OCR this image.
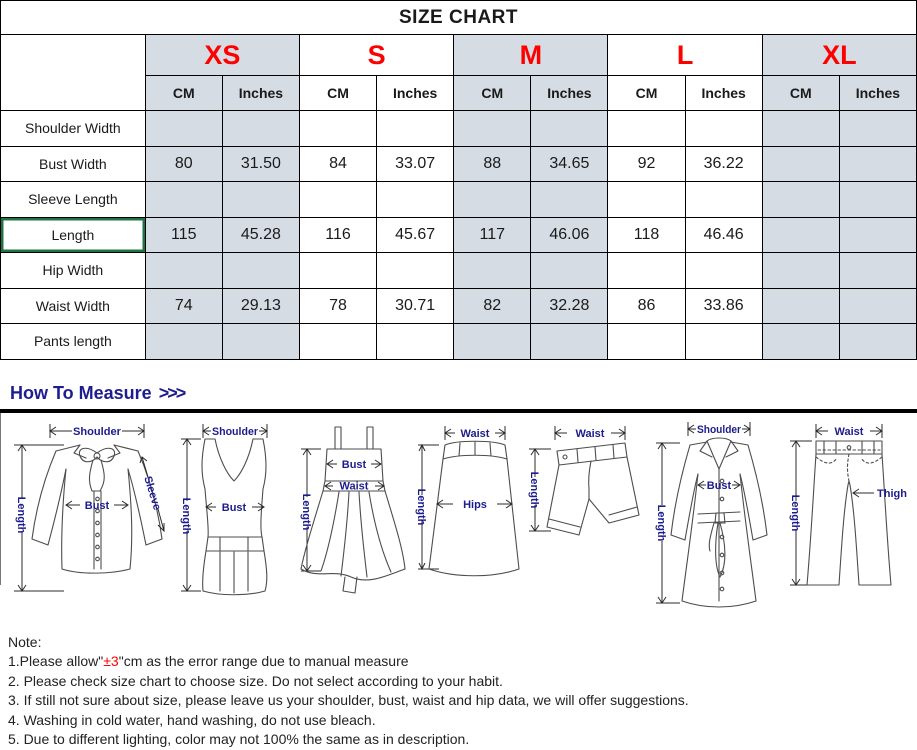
SIZE CHART										
	XS		S		M		L		XL	
	CM	Inches	CM	Inches	CM	Inches	CM	Inches	CM	Inches
Shoulder Width										
Bust Width	80	31.50	84	33.07	88	34.65	92	36.22		
Sleeve Length										
Length	115	45.28	116	45.67	117	46.06	118	46.46		
Hip Width										
Waist Width	74	29.13	78	30.71	82	32.28	86	33.86		
Pants length										
How To Measure >>>
Shoulder
Length	Bust	Sleeve
Shoulder
Length	Bust	Length
Bust
Waist
Waist
Length	Hips
Waist
Length
Shoulder
Length
Bust
Waist
Length
Thigh
Note:
1.Please allow"±3"cm as the error range due to manual measure
2. Please check size chart to choose size. Do not select according to your habit.
3. If still not sure about size, please leave us your shoulder, bust, waist and hip data, we will offer suggestions.
4. Washing in cold water, hand washing, do not use bleach.
5. Due to different lighting, color may not 100% the same as in description.
